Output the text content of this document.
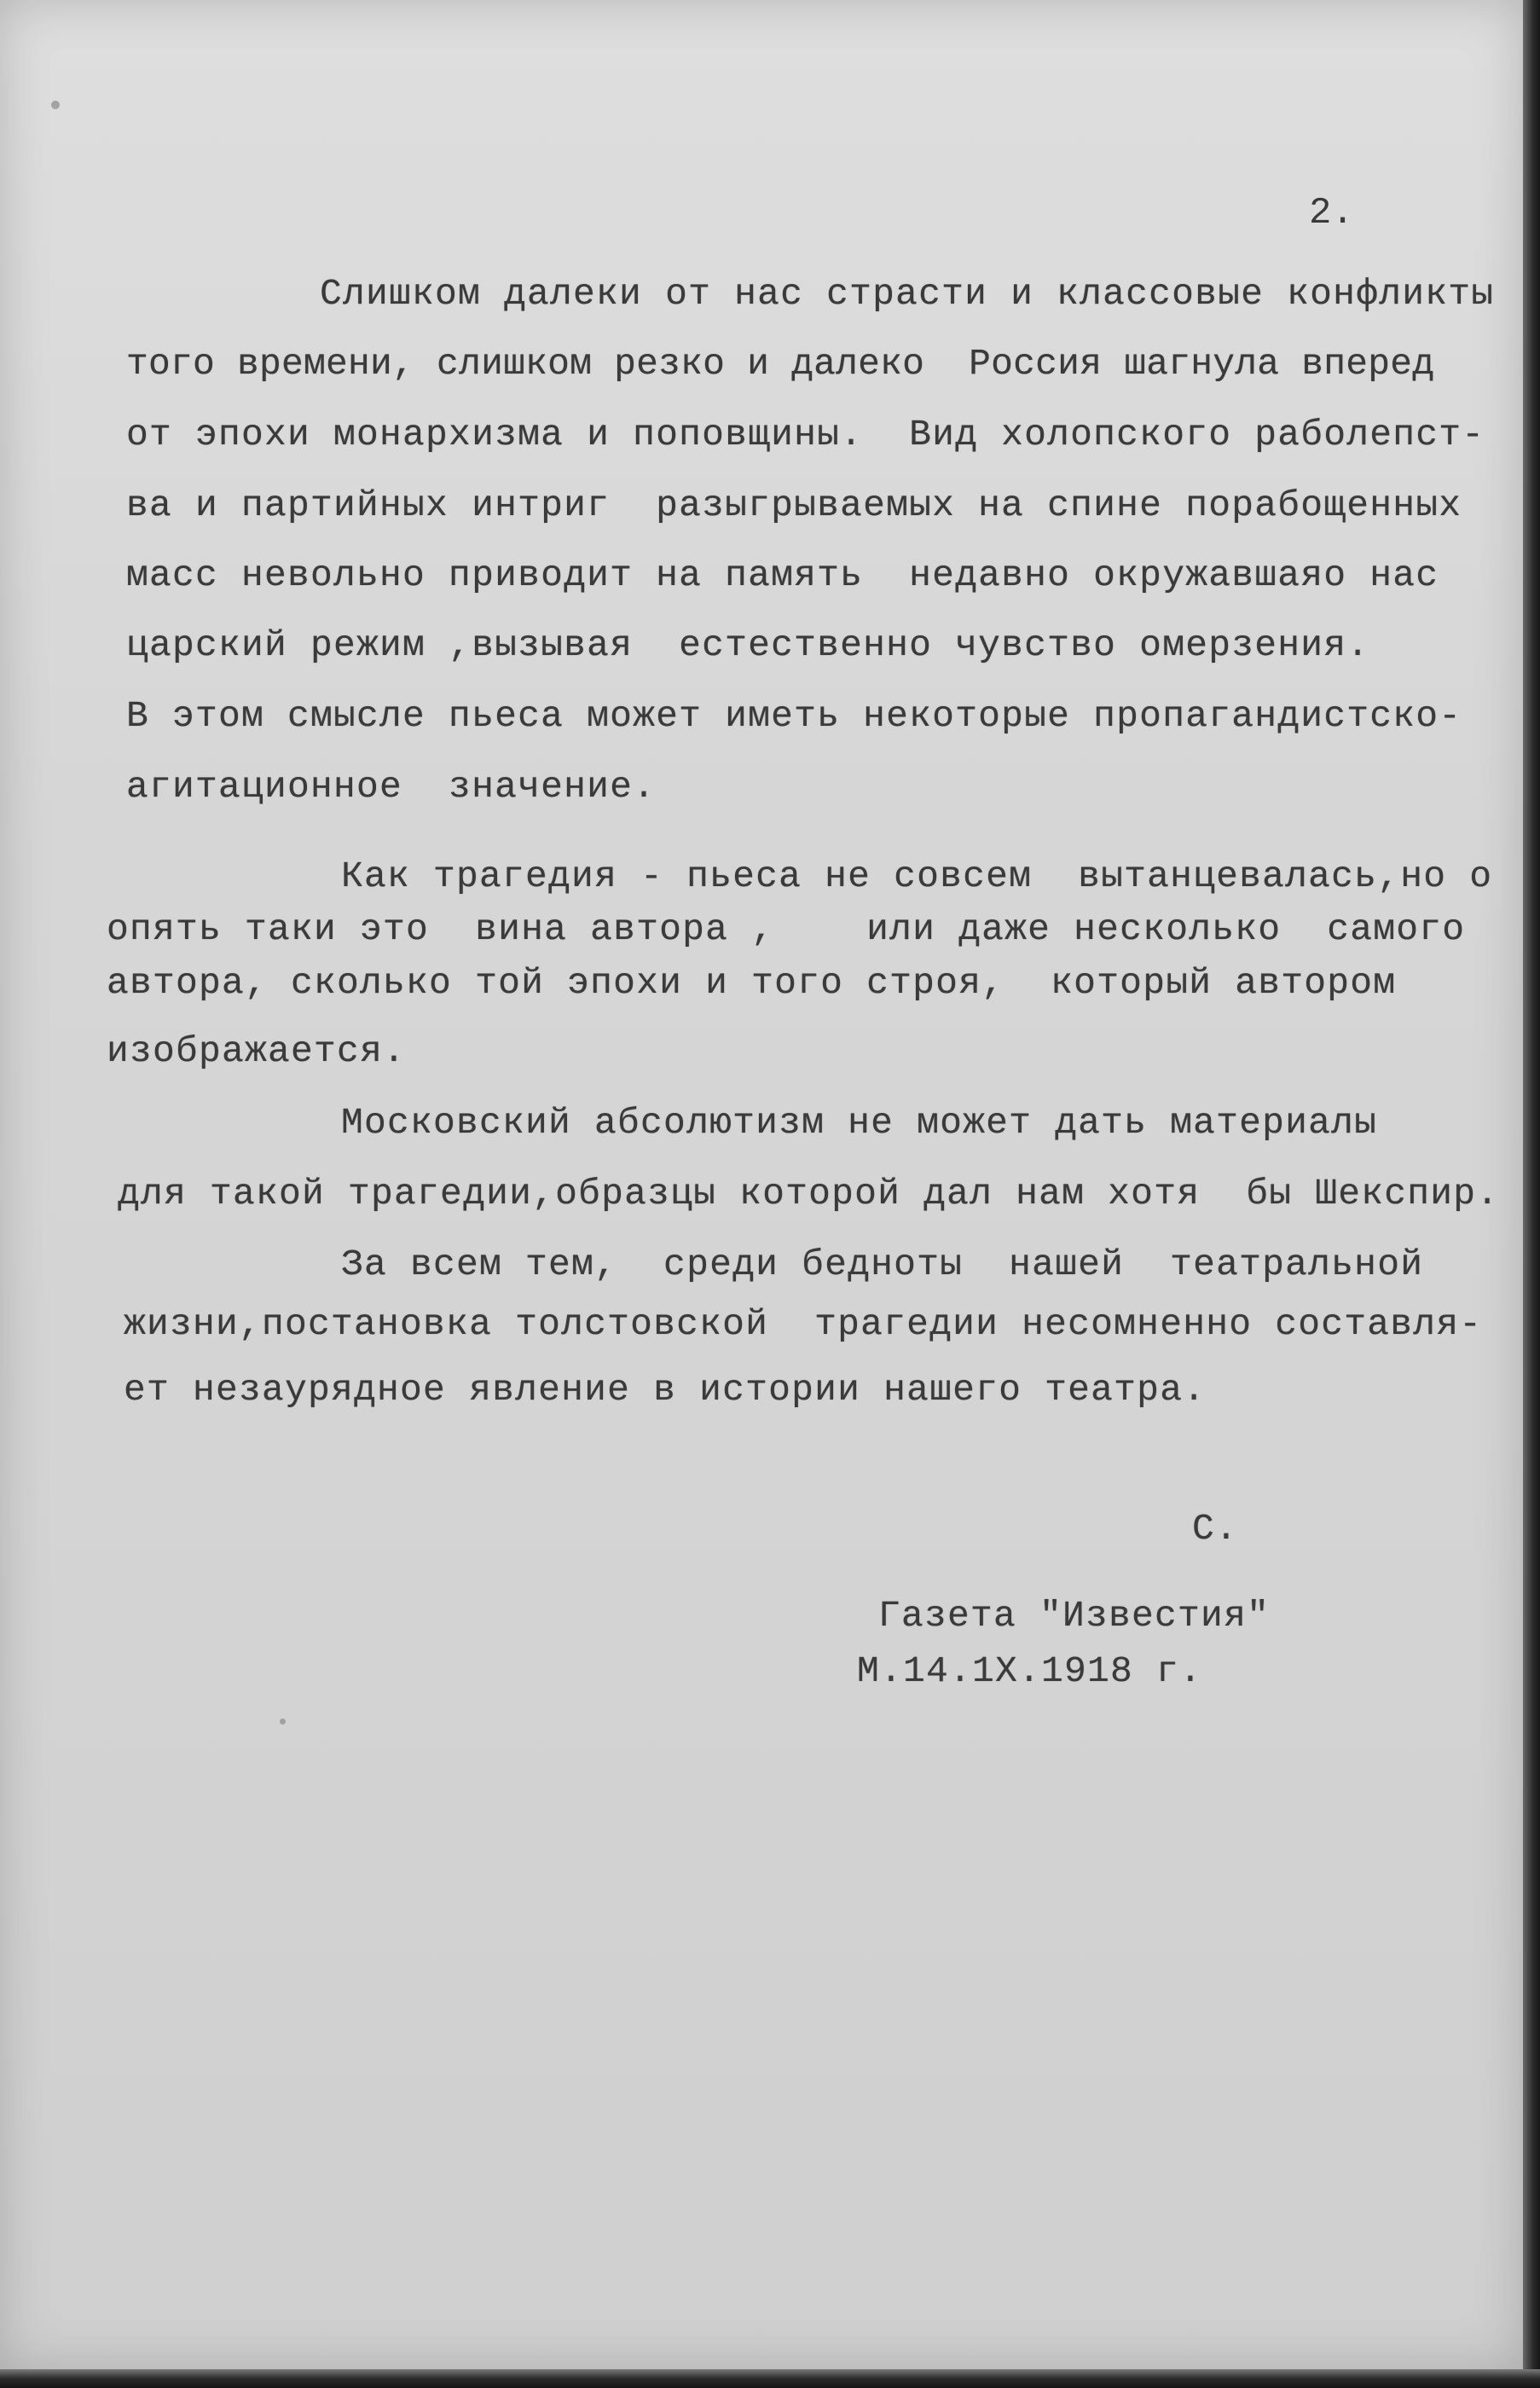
2.
Слишком далеки от нас страсти и классовые конфликты
того времени, слишком резко и далеко  Россия шагнула вперед
от эпохи монархизма и поповщины.  Вид холопского раболепст-
ва и партийных интриг  разыгрываемых на спине порабощенных
масс невольно приводит на память  недавно окружавшаяо нас
царский режим ,вызывая  естественно чувство омерзения.
В этом смысле пьеса может иметь некоторые пропагандистско-
агитационное  значение.
Как трагедия - пьеса не совсем  вытанцевалась,но о
опять таки это  вина автора ,    или даже несколько  самого
автора, сколько той эпохи и того строя,  который автором
изображается.
Московский абсолютизм не может дать материалы
для такой трагедии,образцы которой дал нам хотя  бы Шекспир.
За всем тем,  среди бедноты  нашей  театральной
жизни,постановка толстовской  трагедии несомненно составля-
ет незаурядное явление в истории нашего театра.
С.
Газета "Известия"
М.14.1Х.1918 г.
